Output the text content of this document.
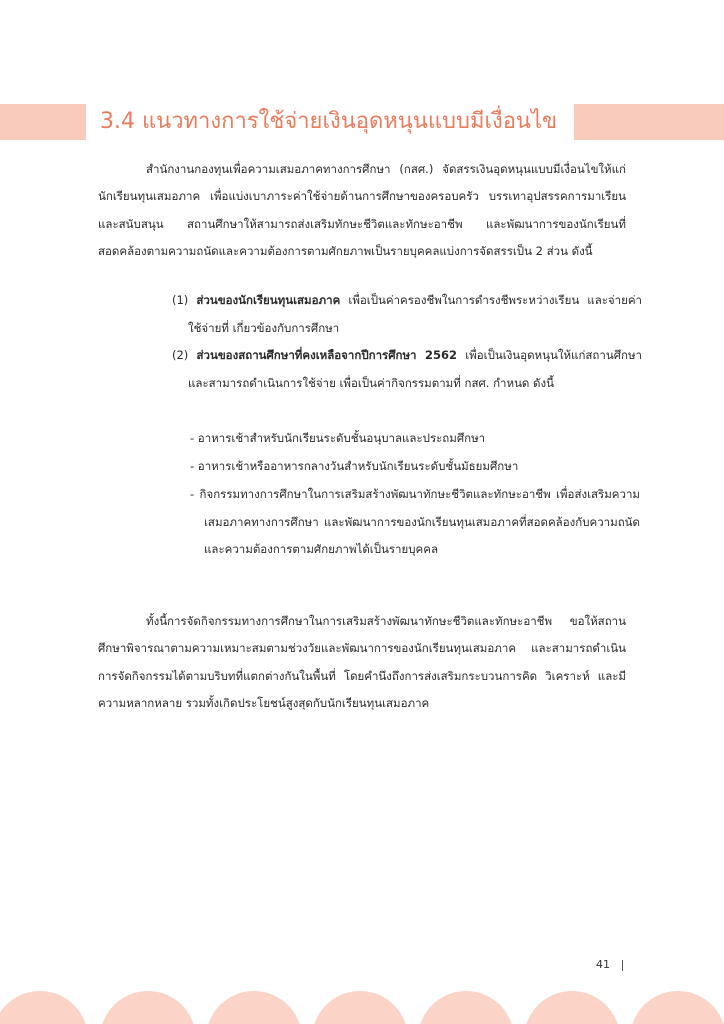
3.4 แนวทางการใช้จ่ายเงินอุดหนุนแบบมีเงื่อนไข

สำนักงานกองทุนเพื่อความเสมอภาคทางการศึกษา (กสศ.) จัดสรรเงินอุดหนุนแบบมีเงื่อนไขให้แก่นักเรียนทุนเสมอภาค เพื่อแบ่งเบาภาระค่าใช้จ่ายด้านการศึกษาของครอบครัว บรรเทาอุปสรรคการมาเรียน และสนับสนุน สถานศึกษาให้สามารถส่งเสริมทักษะชีวิตและทักษะอาชีพ และพัฒนาการของนักเรียนที่สอดคล้องตามความถนัดและความต้องการตามศักยภาพเป็นรายบุคคลแบ่งการจัดสรรเป็น 2 ส่วน ดังนี้

(1) ส่วนของนักเรียนทุนเสมอภาค เพื่อเป็นค่าครองชีพในการดำรงชีพระหว่างเรียน และจ่ายค่าใช้จ่ายที่ เกี่ยวข้องกับการศึกษา
(2) ส่วนของสถานศึกษาที่คงเหลือจากปีการศึกษา 2562 เพื่อเป็นเงินอุดหนุนให้แก่สถานศึกษา และสามารถดำเนินการใช้จ่าย เพื่อเป็นค่ากิจกรรมตามที่ กสศ. กำหนด ดังนี้
- อาหารเช้าสำหรับนักเรียนระดับชั้นอนุบาลและประถมศึกษา
- อาหารเช้าหรืออาหารกลางวันสำหรับนักเรียนระดับชั้นมัธยมศึกษา
- กิจกรรมทางการศึกษาในการเสริมสร้างพัฒนาทักษะชีวิตและทักษะอาชีพ เพื่อส่งเสริมความเสมอภาคทางการศึกษา และพัฒนาการของนักเรียนทุนเสมอภาคที่สอดคล้องกับความถนัดและความต้องการตามศักยภาพได้เป็นรายบุคคล

ทั้งนี้การจัดกิจกรรมทางการศึกษาในการเสริมสร้างพัฒนาทักษะชีวิตและทักษะอาชีพ ขอให้สถานศึกษาพิจารณาตามความเหมาะสมตามช่วงวัยและพัฒนาการของนักเรียนทุนเสมอภาค และสามารถดำเนินการจัดกิจกรรมได้ตามบริบทที่แตกต่างกันในพื้นที่ โดยคำนึงถึงการส่งเสริมกระบวนการคิด วิเคราะห์ และมีความหลากหลาย รวมทั้งเกิดประโยชน์สูงสุดกับนักเรียนทุนเสมอภาค

41
